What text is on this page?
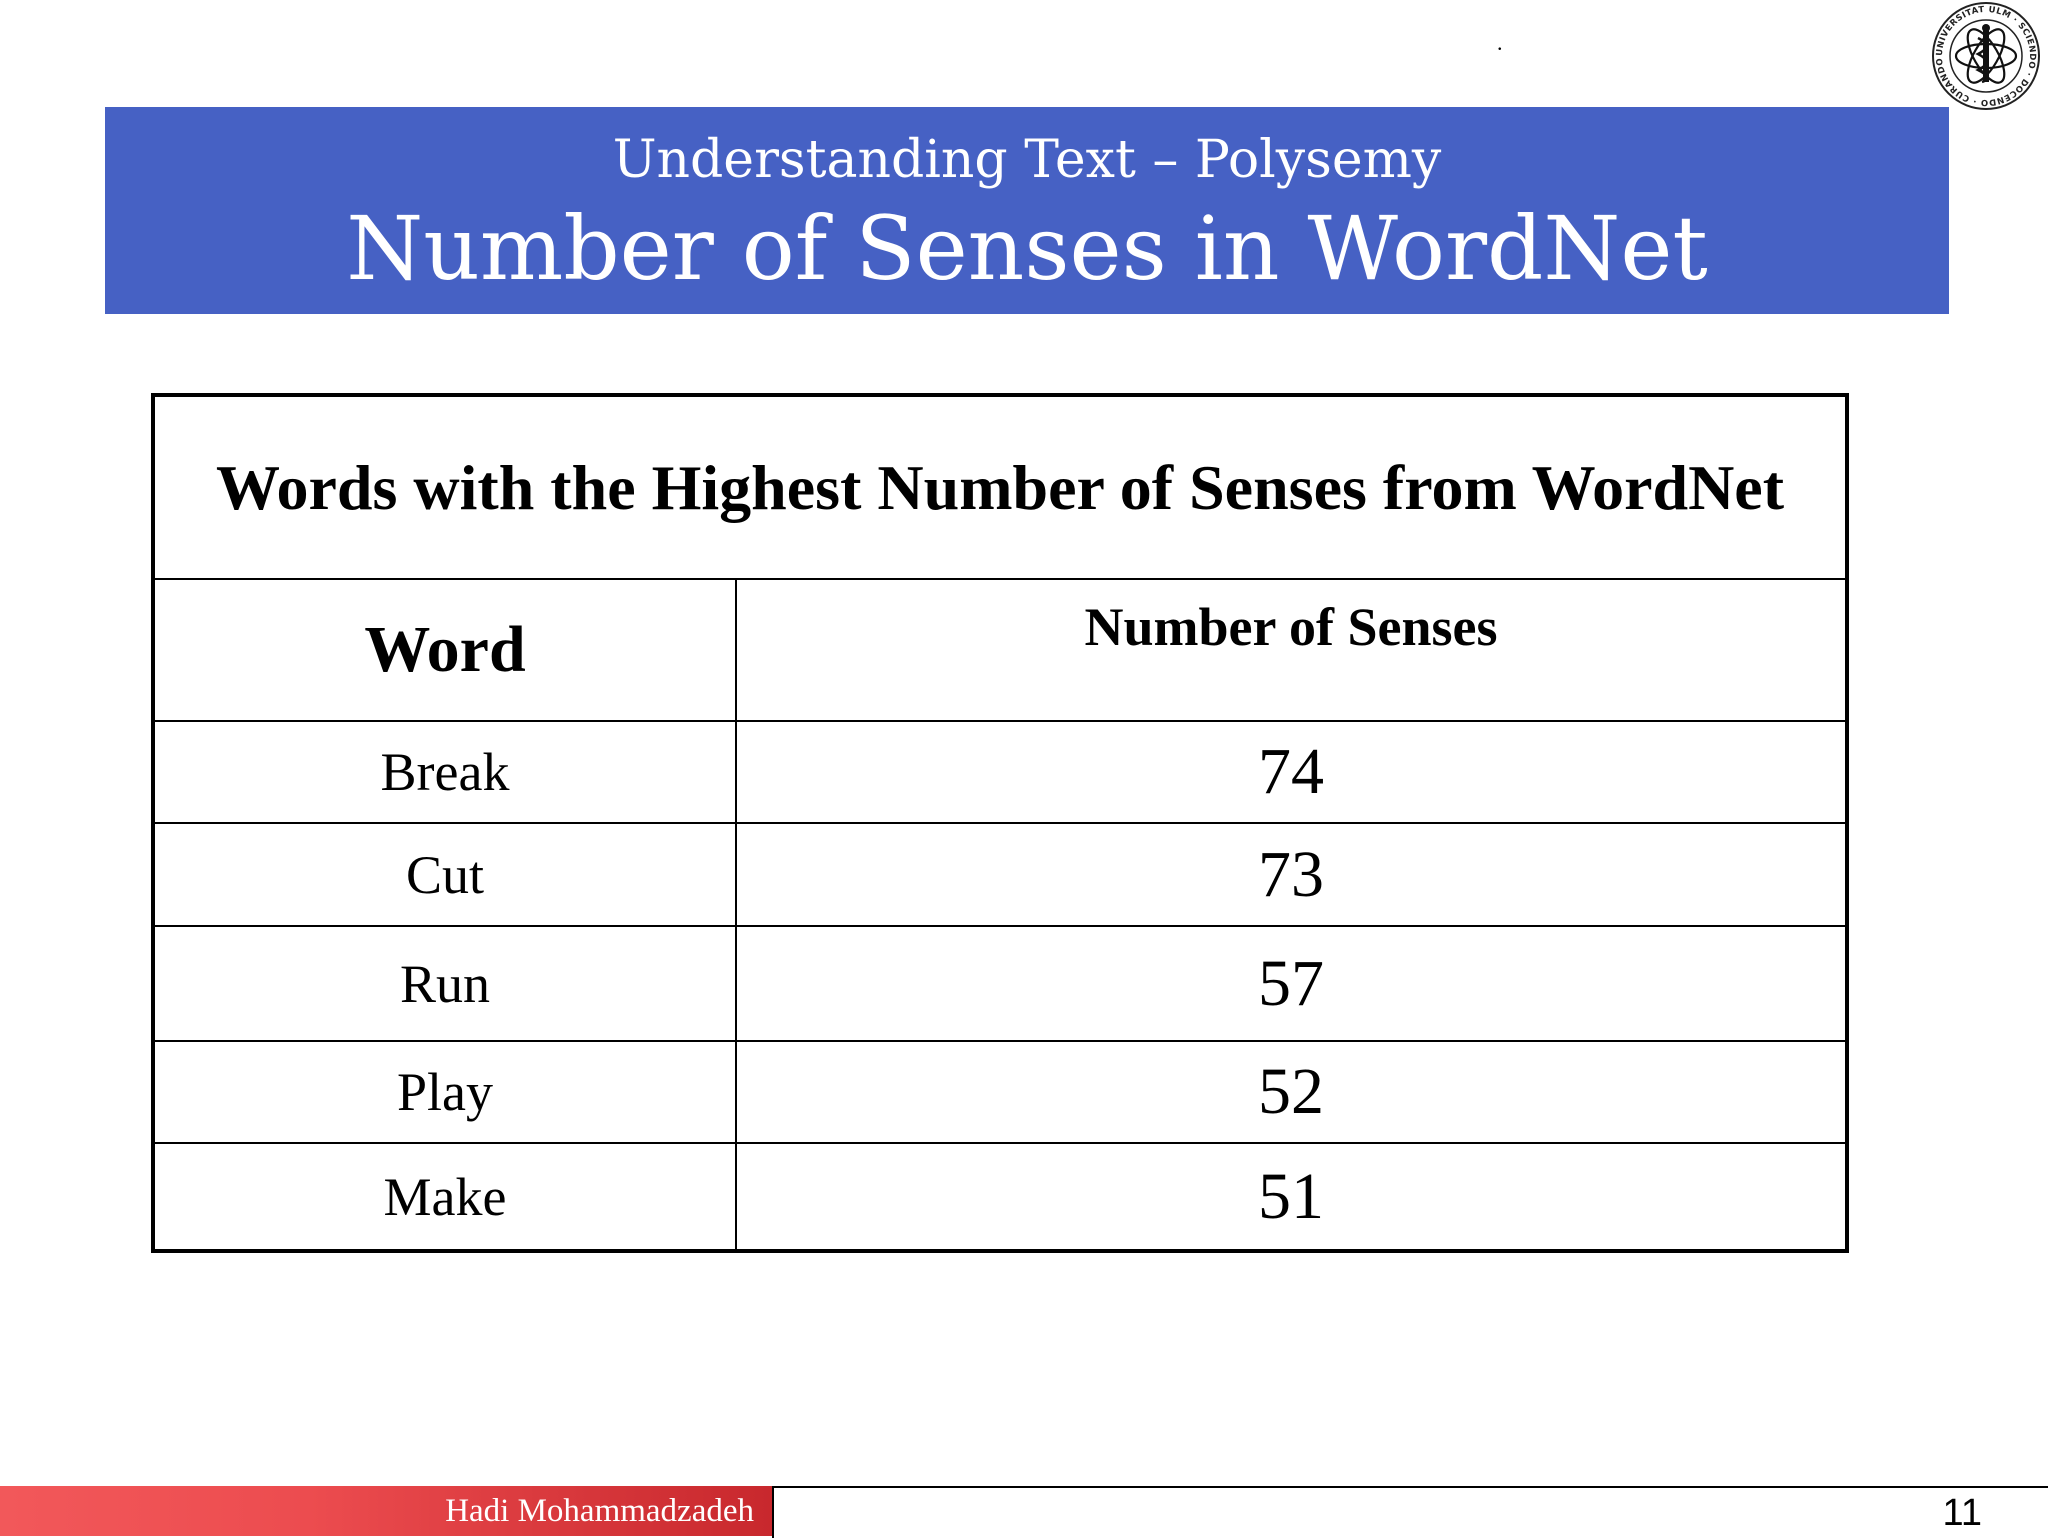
.	UNIVERSITAT ULM · SCIENDO · DOCENDO · CURANDO
Understanding Text – Polysemy
Number of Senses in WordNet
Words with the Highest Number of Senses from WordNet	
Word	Number of Senses
Break	74
Cut	73
Run	57
Play	52
Make	51
Hadi Mohammadzadeh	11
